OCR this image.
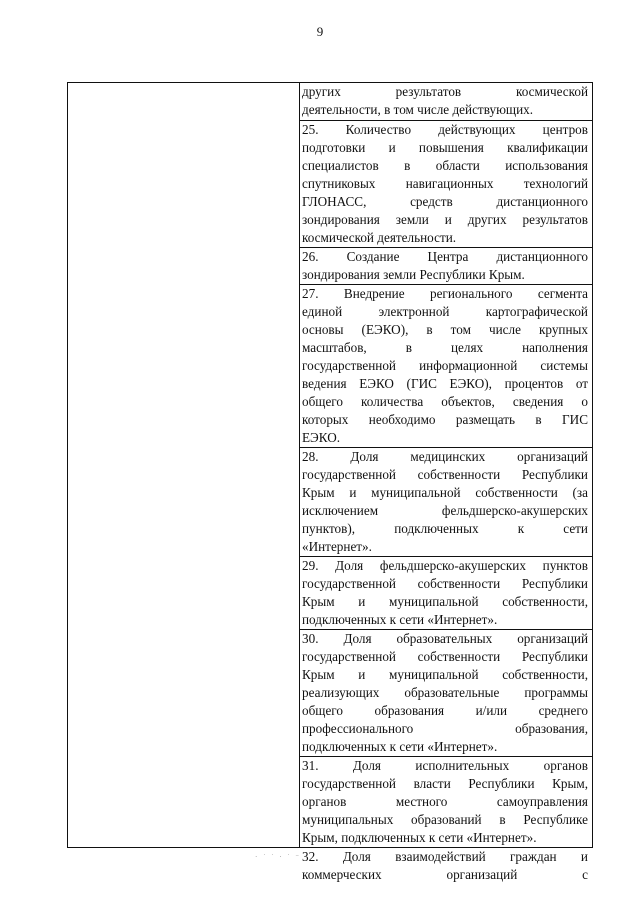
9
других результатов космической
деятельности, в том числе действующих.
25. Количество действующих центров
подготовки и повышения квалификации
специалистов в области использования
спутниковых навигационных технологий
ГЛОНАСС, средств дистанционного
зондирования земли и других результатов
космической деятельности.
26. Создание Центра дистанционного
зондирования земли Республики Крым.
27. Внедрение регионального сегмента
единой электронной картографической
основы (ЕЭКО), в том числе крупных
масштабов, в целях наполнения
государственной информационной системы
ведения ЕЭКО (ГИС ЕЭКО), процентов от
общего количества объектов, сведения о
которых необходимо размещать в ГИС
ЕЭКО.
28. Доля медицинских организаций
государственной собственности Республики
Крым и муниципальной собственности (за
исключением фельдшерско-акушерских
пунктов), подключенных к сети
«Интернет».
29. Доля фельдшерско-акушерских пунктов
государственной собственности Республики
Крым и муниципальной собственности,
подключенных к сети «Интернет».
30. Доля образовательных организаций
государственной собственности Республики
Крым и муниципальной собственности,
реализующих образовательные программы
общего образования и/или среднего
профессионального образования,
подключенных к сети «Интернет».
31. Доля исполнительных органов
государственной власти Республики Крым,
органов местного самоуправления
муниципальных образований в Республике
Крым, подключенных к сети «Интернет».
32. Доля взаимодействий граждан и
коммерческих организаций с
· ˙ ˙ · ˙ ⁻ ·
